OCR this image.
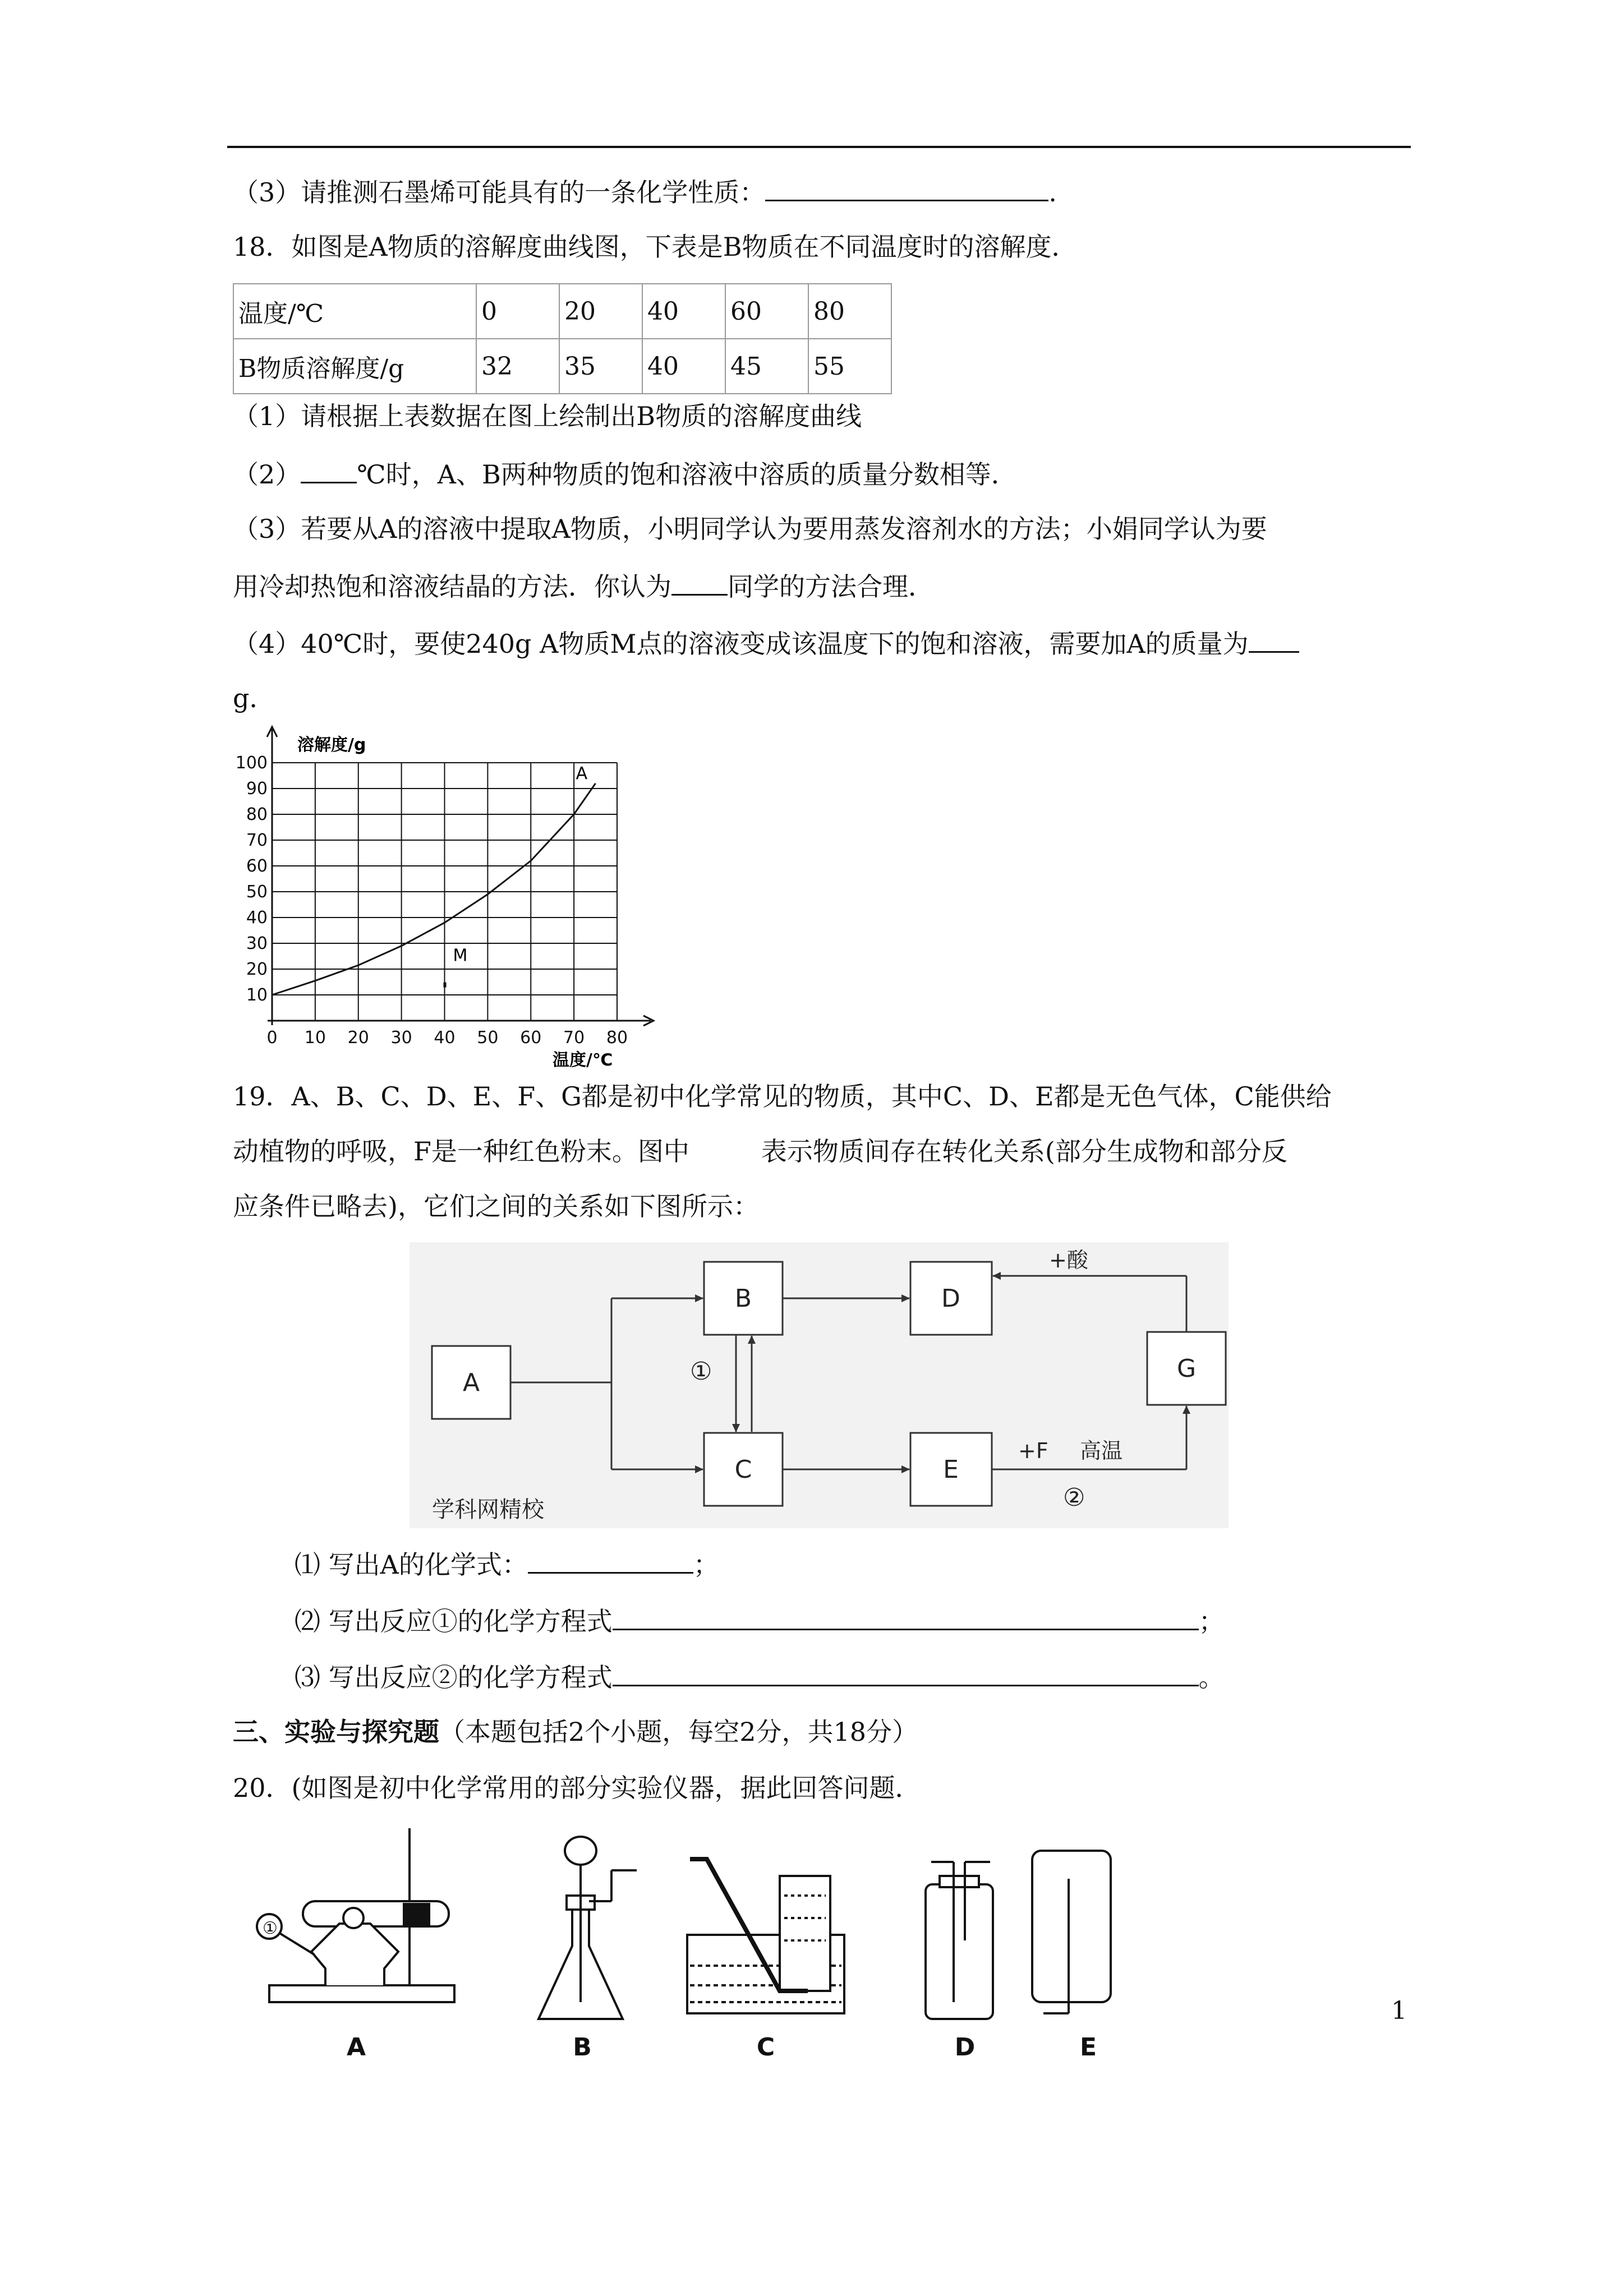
（3）请推测石墨烯可能具有的一条化学性质：	.
18．如图是A物质的溶解度曲线图，下表是B物质在不同温度时的溶解度．
温度/℃	0	20	40	60	80
B物质溶解度/g	32	35	40	45	55
（1）请根据上表数据在图上绘制出B物质的溶解度曲线
（2） ℃时，A、B两种物质的饱和溶液中溶质的质量分数相等．
（3）若要从A的溶液中提取A物质，小明同学认为要用蒸发溶剂水的方法；小娟同学认为要
用冷却热饱和溶液结晶的方法．你认为 同学的方法合理．
（4）40℃时，要使240g A物质M点的溶液变成该温度下的饱和溶液，需要加A的质量为
g．
0 10 20 30 40 50 60 70 80
10
20
30
40
50
60
70
80
90
100
A
M
溶解度/g
温度/℃
19．A、B、C、D、E、F、G都是初中化学常见的物质，其中C、D、E都是无色气体，C能供给
动植物的呼吸，F是一种红色粉末。图中	表示物质间存在转化关系(部分生成物和部分反
应条件已略去)，它们之间的关系如下图所示：
A
B
C
D
E
G
+酸
+F 高温
①
②
学科网精校
⑴ 写出A的化学式：	；
⑵ 写出反应①的化学方程式	；
⑶ 写出反应②的化学方程式	。
三、实验与探究题（本题包括2个小题，每空2分，共18分）
20．(如图是初中化学常用的部分实验仪器，据此回答问题．
①
A	B	C	D	E
1
